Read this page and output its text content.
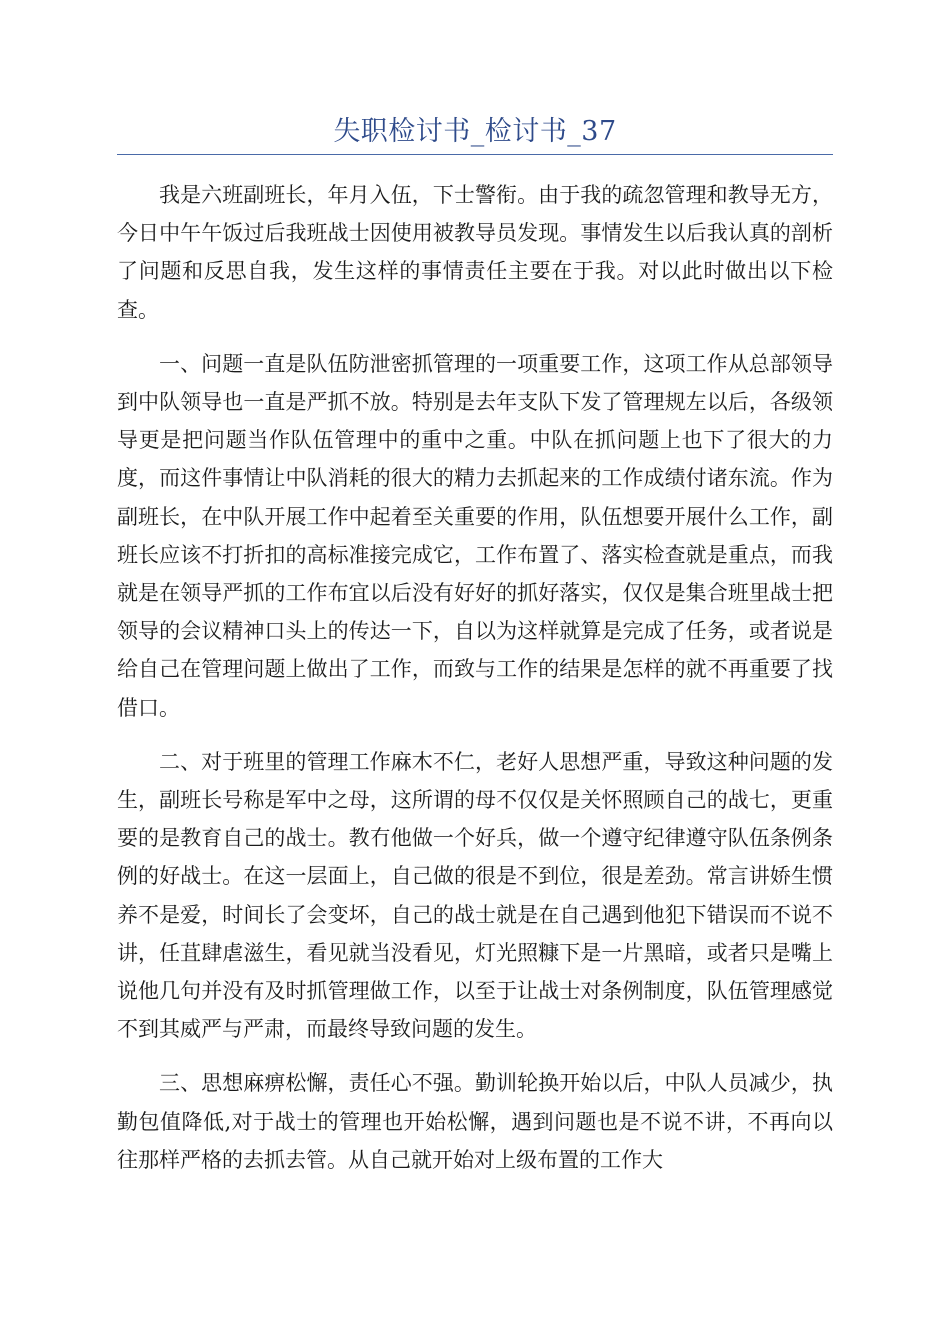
失职检讨书_检讨书_37

我是六班副班长，年月入伍，下士警衔。由于我的疏忽管理和教导无方，今日中午午饭过后我班战士因使用被教导员发现。事情发生以后我认真的剖析了问题和反思自我，发生这样的事情责任主要在于我。对以此时做出以下检查。

一、问题一直是队伍防泄密抓管理的一项重要工作，这项工作从总部领导到中队领导也一直是严抓不放。特别是去年支队下发了管理规左以后，各级领导更是把问题当作队伍管理中的重中之重。中队在抓问题上也下了很大的力度，而这件事情让中队消耗的很大的精力去抓起来的工作成绩付诸东流。作为副班长，在中队开展工作中起着至关重要的作用，队伍想要开展什么工作，副班长应该不打折扣的高标准接完成它，工作布置了、落实检查就是重点，而我就是在领导严抓的工作布宜以后没有好好的抓好落实，仅仅是集合班里战士把领导的会议精神口头上的传达一下，自以为这样就算是完成了任务，或者说是给自己在管理问题上做出了工作，而致与工作的结果是怎样的就不再重要了找借口。

二、对于班里的管理工作麻木不仁，老好人思想严重，导致这种问题的发生，副班长号称是军中之母，这所谓的母不仅仅是关怀照顾自己的战七，更重要的是教育自己的战士。教冇他做一个好兵，做一个遵守纪律遵守队伍条例条例的好战士。在这一层面上，自己做的很是不到位，很是差劲。常言讲娇生惯养不是爱，时间长了会变坏，自己的战士就是在自己遇到他犯下错误而不说不讲，任苴肆虐滋生，看见就当没看见，灯光照糠下是一片黑暗，或者只是嘴上说他几句并没有及时抓管理做工作，以至于让战士对条例制度，队伍管理感觉不到其威严与严肃，而最终导致问题的发生。

三、思想麻痹松懈，责任心不强。勤训轮换开始以后，中队人员减少，执勤包值降低,对于战士的管理也开始松懈，遇到问题也是不说不讲，不再向以往那样严格的去抓去管。从自己就开始对上级布置的工作大
